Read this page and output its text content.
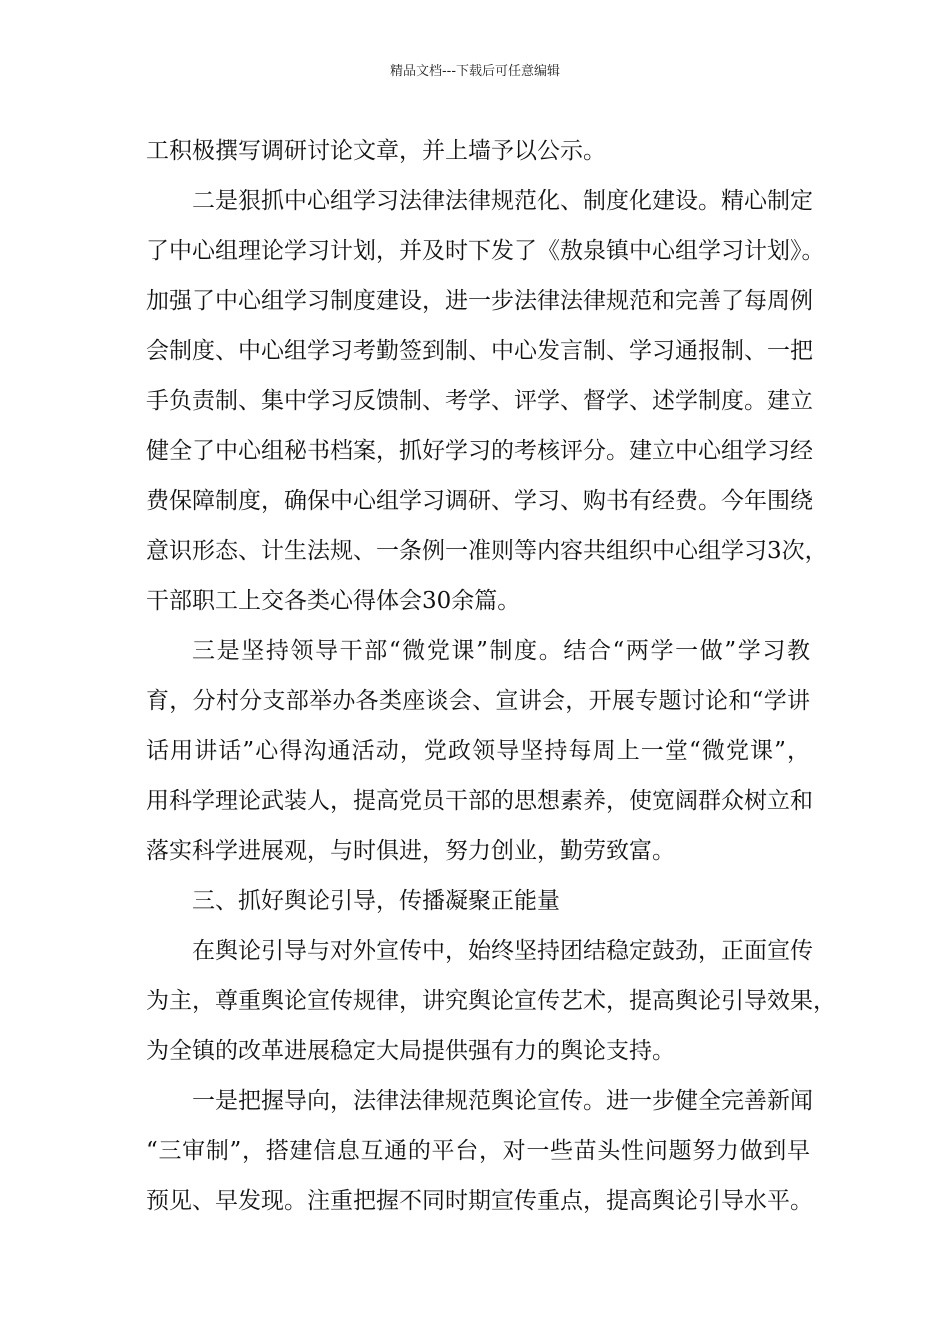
精品文档---下载后可任意编辑
工积极撰写调研讨论文章，并上墙予以公示。
二是狠抓中心组学习法律法律规范化、制度化建设。精心制定
了中心组理论学习计划，并及时下发了《敖泉镇中心组学习计划》。
加强了中心组学习制度建设，进一步法律法律规范和完善了每周例
会制度、中心组学习考勤签到制、中心发言制、学习通报制、一把
手负责制、集中学习反馈制、考学、评学、督学、述学制度。建立
健全了中心组秘书档案，抓好学习的考核评分。建立中心组学习经
费保障制度，确保中心组学习调研、学习、购书有经费。今年围绕
意识形态、计生法规、一条例一准则等内容共组织中心组学习3次，
干部职工上交各类心得体会30余篇。
三是坚持领导干部“微党课”制度。结合“两学一做”学习教
育，分村分支部举办各类座谈会、宣讲会，开展专题讨论和“学讲
话用讲话”心得沟通活动，党政领导坚持每周上一堂“微党课”，
用科学理论武装人，提高党员干部的思想素养，使宽阔群众树立和
落实科学进展观，与时俱进，努力创业，勤劳致富。
三、抓好舆论引导，传播凝聚正能量
在舆论引导与对外宣传中，始终坚持团结稳定鼓劲，正面宣传
为主，尊重舆论宣传规律，讲究舆论宣传艺术，提高舆论引导效果，
为全镇的改革进展稳定大局提供强有力的舆论支持。
一是把握导向，法律法律规范舆论宣传。进一步健全完善新闻
“三审制”，搭建信息互通的平台，对一些苗头性问题努力做到早
预见、早发现。注重把握不同时期宣传重点，提高舆论引导水平。
